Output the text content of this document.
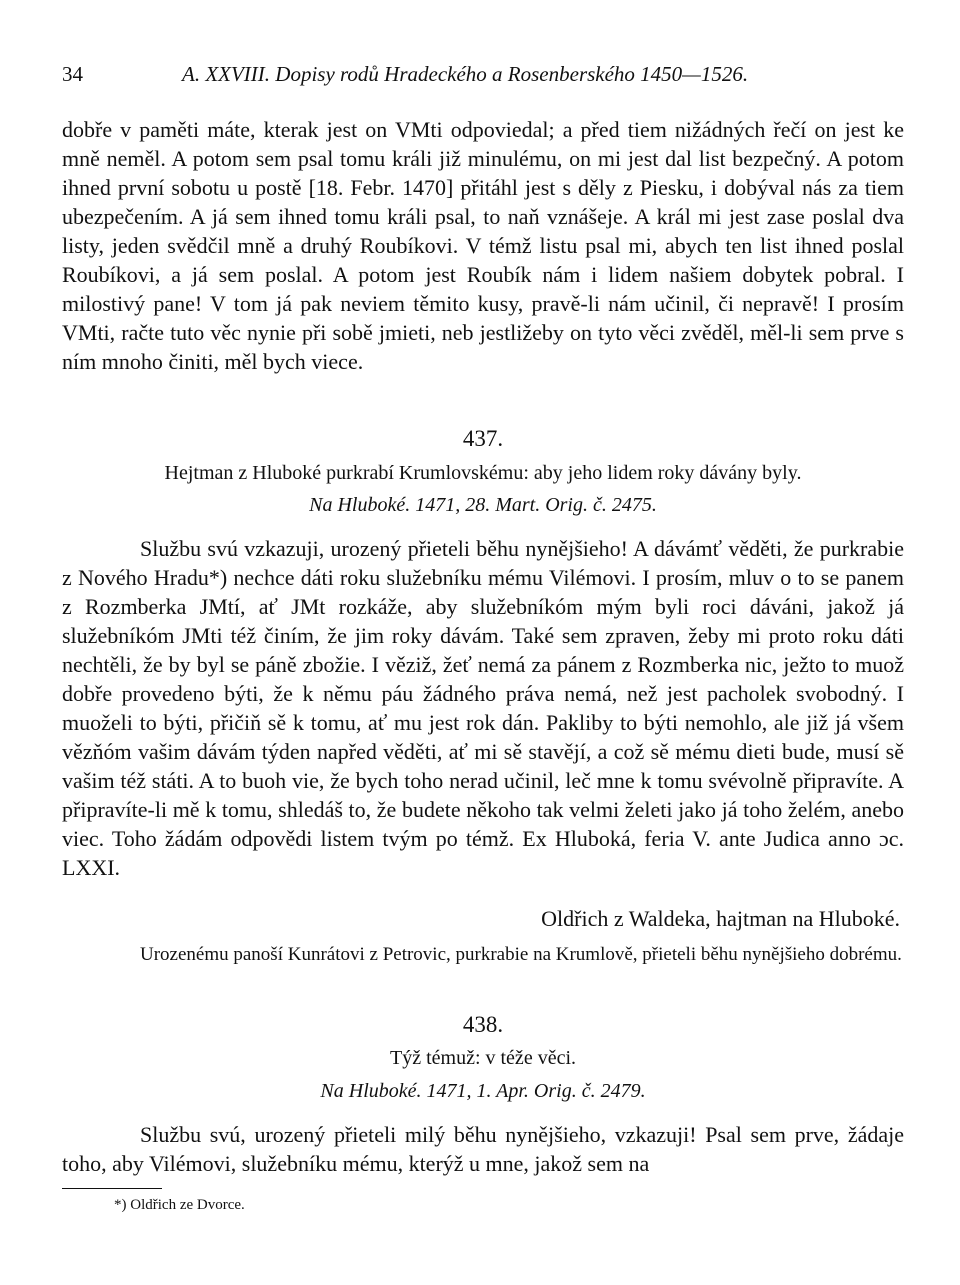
34	A. XXVIII. Dopisy rodů Hradeckého a Rosenberského 1450—1526.

dobře v paměti máte, kterak jest on VMti odpoviedal; a před tiem nižádných řečí on jest ke mně neměl. A potom sem psal tomu králi již minulému, on mi jest dal list bezpečný. A potom ihned první sobotu u postě [18. Febr. 1470] přitáhl jest s děly z Piesku, i dobýval nás za tiem ubezpečením. A já sem ihned tomu králi psal, to naň vznášeje. A král mi jest zase poslal dva listy, jeden svědčil mně a druhý Roubíkovi. V témž listu psal mi, abych ten list ihned poslal Roubíkovi, a já sem poslal. A potom jest Roubík nám i lidem našiem dobytek pobral. I milostivý pane! V tom já pak neviem těmito kusy, pravě-li nám učinil, či nepravě! I prosím VMti, račte tuto věc nynie při sobě jmieti, neb jestližeby on tyto věci zvěděl, měl-li sem prve s ním mnoho činiti, měl bych viece.

437.

Hejtman z Hluboké purkrabí Krumlovskému: aby jeho lidem roky dávány byly.

Na Hluboké. 1471, 28. Mart. Orig. č. 2475.

Službu svú vzkazuji, urozený přieteli běhu nynějšieho! A dávámť věděti, že purkrabie z Nového Hradu*) nechce dáti roku služebníku mému Vilémovi. I prosím, mluv o to se panem z Rozmberka JMtí, ať JMt rozkáže, aby služebníkóm mým byli roci dáváni, jakož já služebníkóm JMti též činím, že jim roky dávám. Také sem zpraven, žeby mi proto roku dáti nechtěli, že by byl se páně zbožie. I věziž, žeť nemá za pánem z Rozmberka nic, ježto to muož dobře provedeno býti, že k němu páu žádného práva nemá, než jest pacholek svobodný. I muoželi to býti, přičiň sě k tomu, ať mu jest rok dán. Pakliby to býti nemohlo, ale již já všem vězňóm vašim dávám týden napřed věděti, ať mi sě stavějí, a což sě mému dieti bude, musí sě vašim též státi. A to buoh vie, že bych toho nerad učinil, leč mne k tomu svévolně připravíte. A připravíte-li mě k tomu, shledáš to, že budete někoho tak velmi želeti jako já toho želém, anebo viec. Toho žádám odpovědi listem tvým po témž. Ex Hluboká, feria V. ante Judica anno ɔc. LXXI.

Oldřich z Waldeka, hajtman na Hluboké.

Urozenému panoší Kunrátovi z Petrovic, purkrabie na Krumlově, přieteli běhu nynějšieho dobrému.

438.

Týž témuž: v téže věci.

Na Hluboké. 1471, 1. Apr. Orig. č. 2479.

Službu svú, urozený přieteli milý běhu nynějšieho, vzkazuji! Psal sem prve, žádaje toho, aby Vilémovi, služebníku mému, kterýž u mne, jakož sem na

*) Oldřich ze Dvorce.
